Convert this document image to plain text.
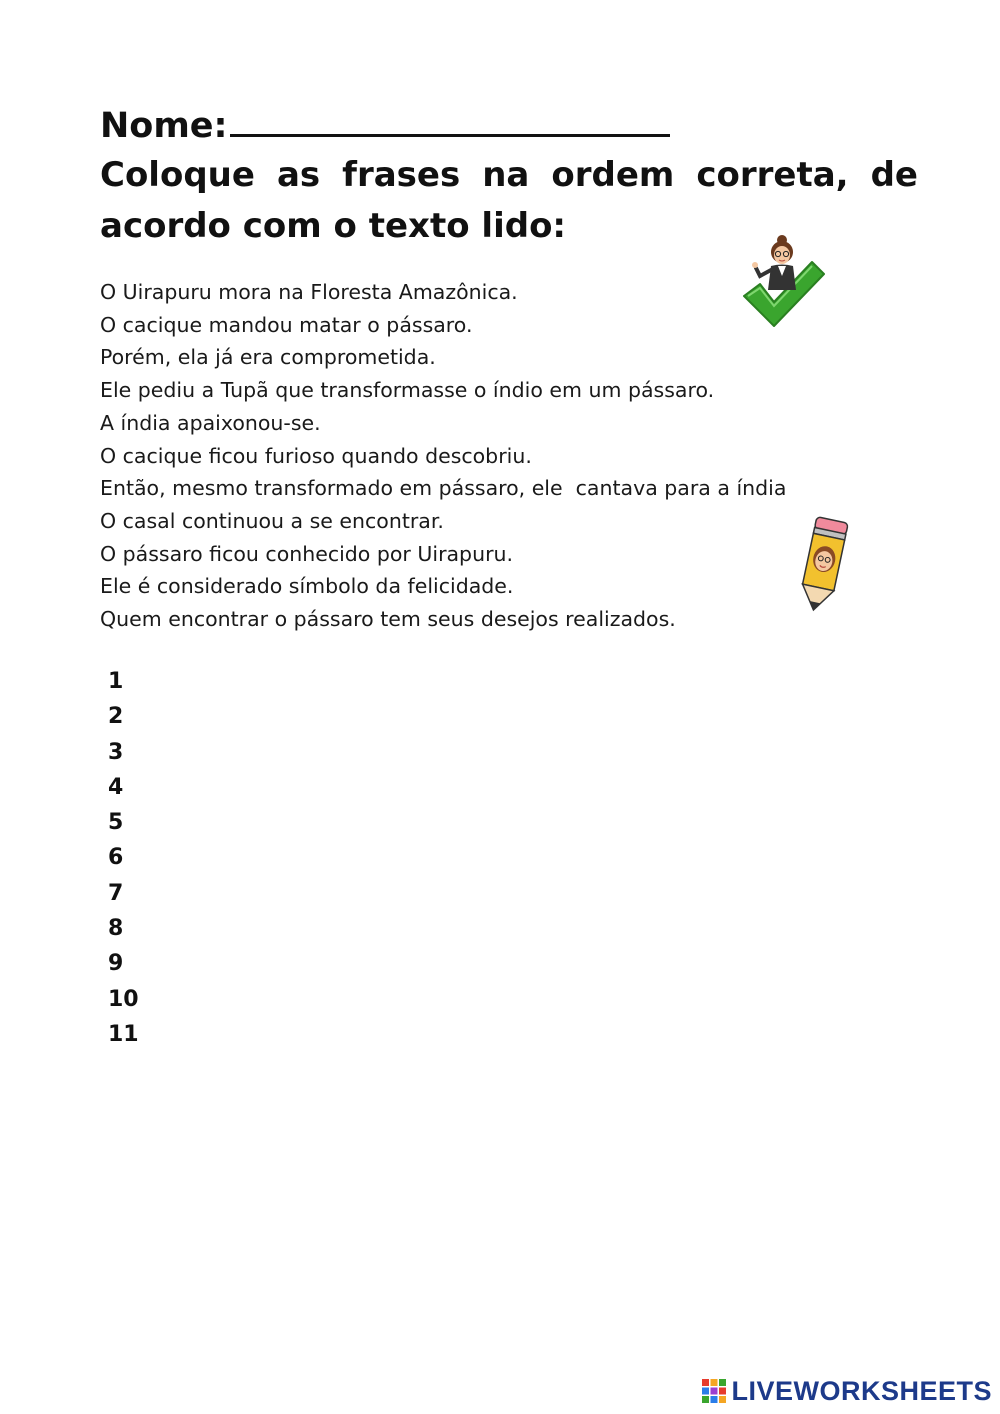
Nome:

Coloque as frases na ordem correta, de acordo com o texto lido:

O Uirapuru mora na Floresta Amazônica.
O cacique mandou matar o pássaro.
Porém, ela já era comprometida.
Ele pediu a Tupã que transformasse o índio em um pássaro.
A índia apaixonou-se.
O cacique ficou furioso quando descobriu.
Então, mesmo transformado em pássaro, ele  cantava para a índia
O casal continuou a se encontrar.
O pássaro ficou conhecido por Uirapuru.
Ele é considerado símbolo da felicidade.
Quem encontrar o pássaro tem seus desejos realizados.
1
2
3
4
5
6
7
8
9
10
11
LIVEWORKSHEETS
